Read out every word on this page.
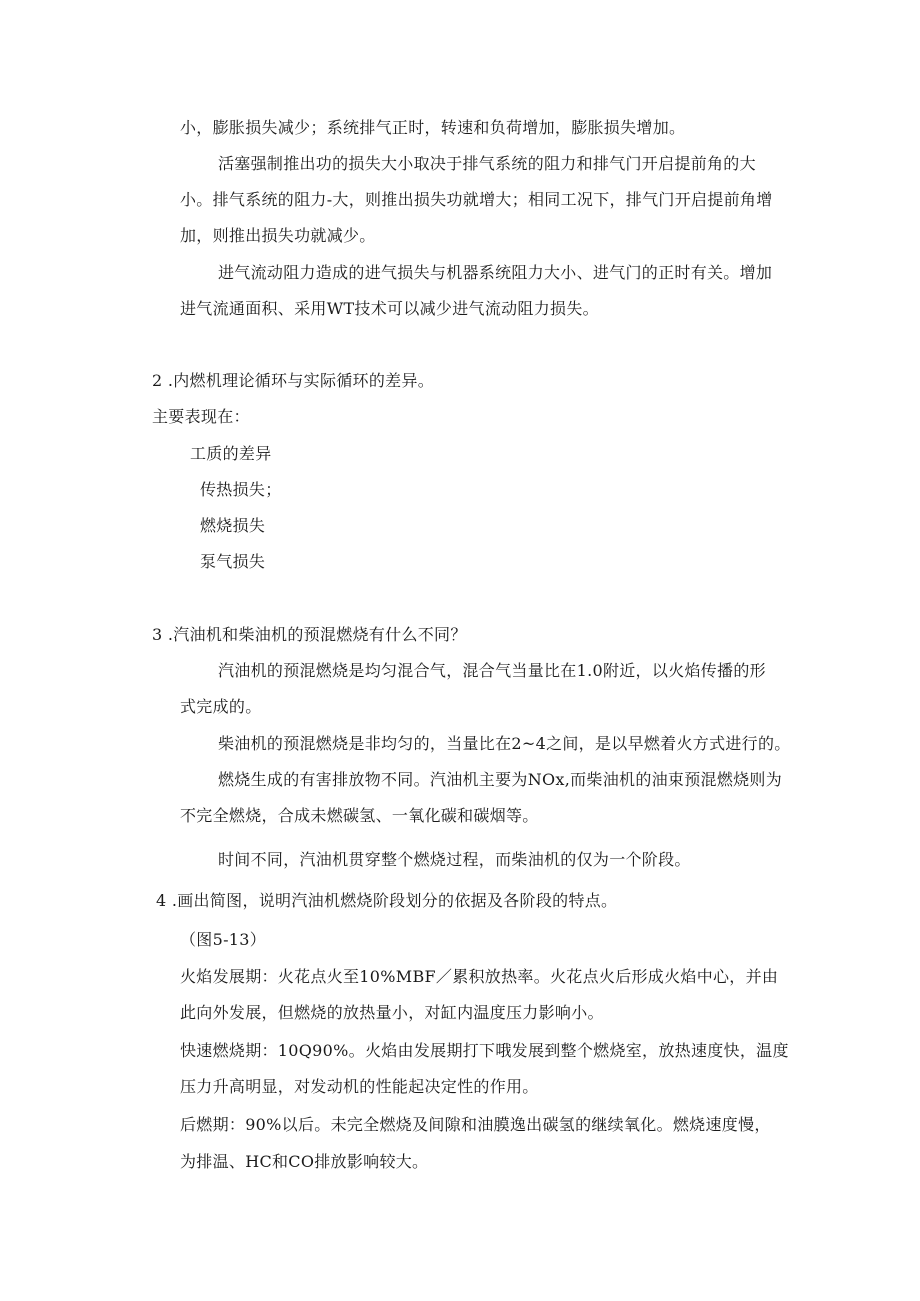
小，膨胀损失减少；系统排气正时，转速和负荷增加，膨胀损失增加。
活塞强制推出功的损失大小取决于排气系统的阻力和排气门开启提前角的大
小。排气系统的阻力-大，则推出损失功就增大；相同工况下，排气门开启提前角增
加，则推出损失功就减少。
进气流动阻力造成的进气损失与机器系统阻力大小、进气门的正时有关。增加
进气流通面积、采用WT技术可以减少进气流动阻力损失。
2 .内燃机理论循环与实际循环的差异。
主要表现在：
工质的差异
传热损失；
燃烧损失
泵气损失
3 .汽油机和柴油机的预混燃烧有什么不同？
汽油机的预混燃烧是均匀混合气，混合气当量比在1.0附近，以火焰传播的形
式完成的。
柴油机的预混燃烧是非均匀的，当量比在2~4之间，是以早燃着火方式进行的。
燃烧生成的有害排放物不同。汽油机主要为NOx,而柴油机的油束预混燃烧则为
不完全燃烧，合成未燃碳氢、一氧化碳和碳烟等。
时间不同，汽油机贯穿整个燃烧过程，而柴油机的仅为一个阶段。
4 .画出简图，说明汽油机燃烧阶段划分的依据及各阶段的特点。
（图5-13）
火焰发展期：火花点火至10%MBF／累积放热率。火花点火后形成火焰中心，并由
此向外发展，但燃烧的放热量小，对缸内温度压力影响小。
快速燃烧期：10Q90%。火焰由发展期打下哦发展到整个燃烧室，放热速度快，温度
压力升高明显，对发动机的性能起决定性的作用。
后燃期：90%以后。未完全燃烧及间隙和油膜逸出碳氢的继续氧化。燃烧速度慢，
为排温、HC和CO排放影响较大。
